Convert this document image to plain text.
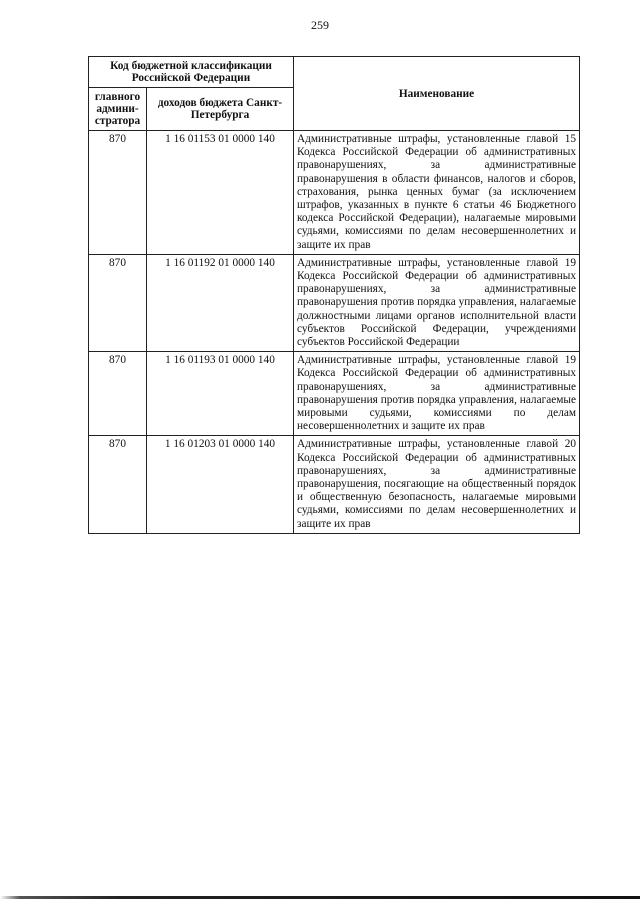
259
Код бюджетной классификации Российской Федерации		Наименование
главного админи-стратора	доходов бюджета Санкт-Петербурга	
870	1 16 01153 01 0000 140	Административные штрафы, установленные главой 15 Кодекса Российской Федерации об административных правонарушениях, за административные правонарушения в области финансов, налогов и сборов, страхования, рынка ценных бумаг (за исключением штрафов, указанных в пункте 6 статьи 46 Бюджетного кодекса Российской Федерации), налагаемые мировыми судьями, комиссиями по делам несовершеннолетних и защите их прав
870	1 16 01192 01 0000 140	Административные штрафы, установленные главой 19 Кодекса Российской Федерации об административных правонарушениях, за административные правонарушения против порядка управления, налагаемые должностными лицами органов исполнительной власти субъектов Российской Федерации, учреждениями субъектов Российской Федерации
870	1 16 01193 01 0000 140	Административные штрафы, установленные главой 19 Кодекса Российской Федерации об административных правонарушениях, за административные правонарушения против порядка управления, налагаемые мировыми судьями, комиссиями по делам несовершеннолетних и защите их прав
870	1 16 01203 01 0000 140	Административные штрафы, установленные главой 20 Кодекса Российской Федерации об административных правонарушениях, за административные правонарушения, посягающие на общественный порядок и общественную безопасность, налагаемые мировыми судьями, комиссиями по делам несовершеннолетних и защите их прав
